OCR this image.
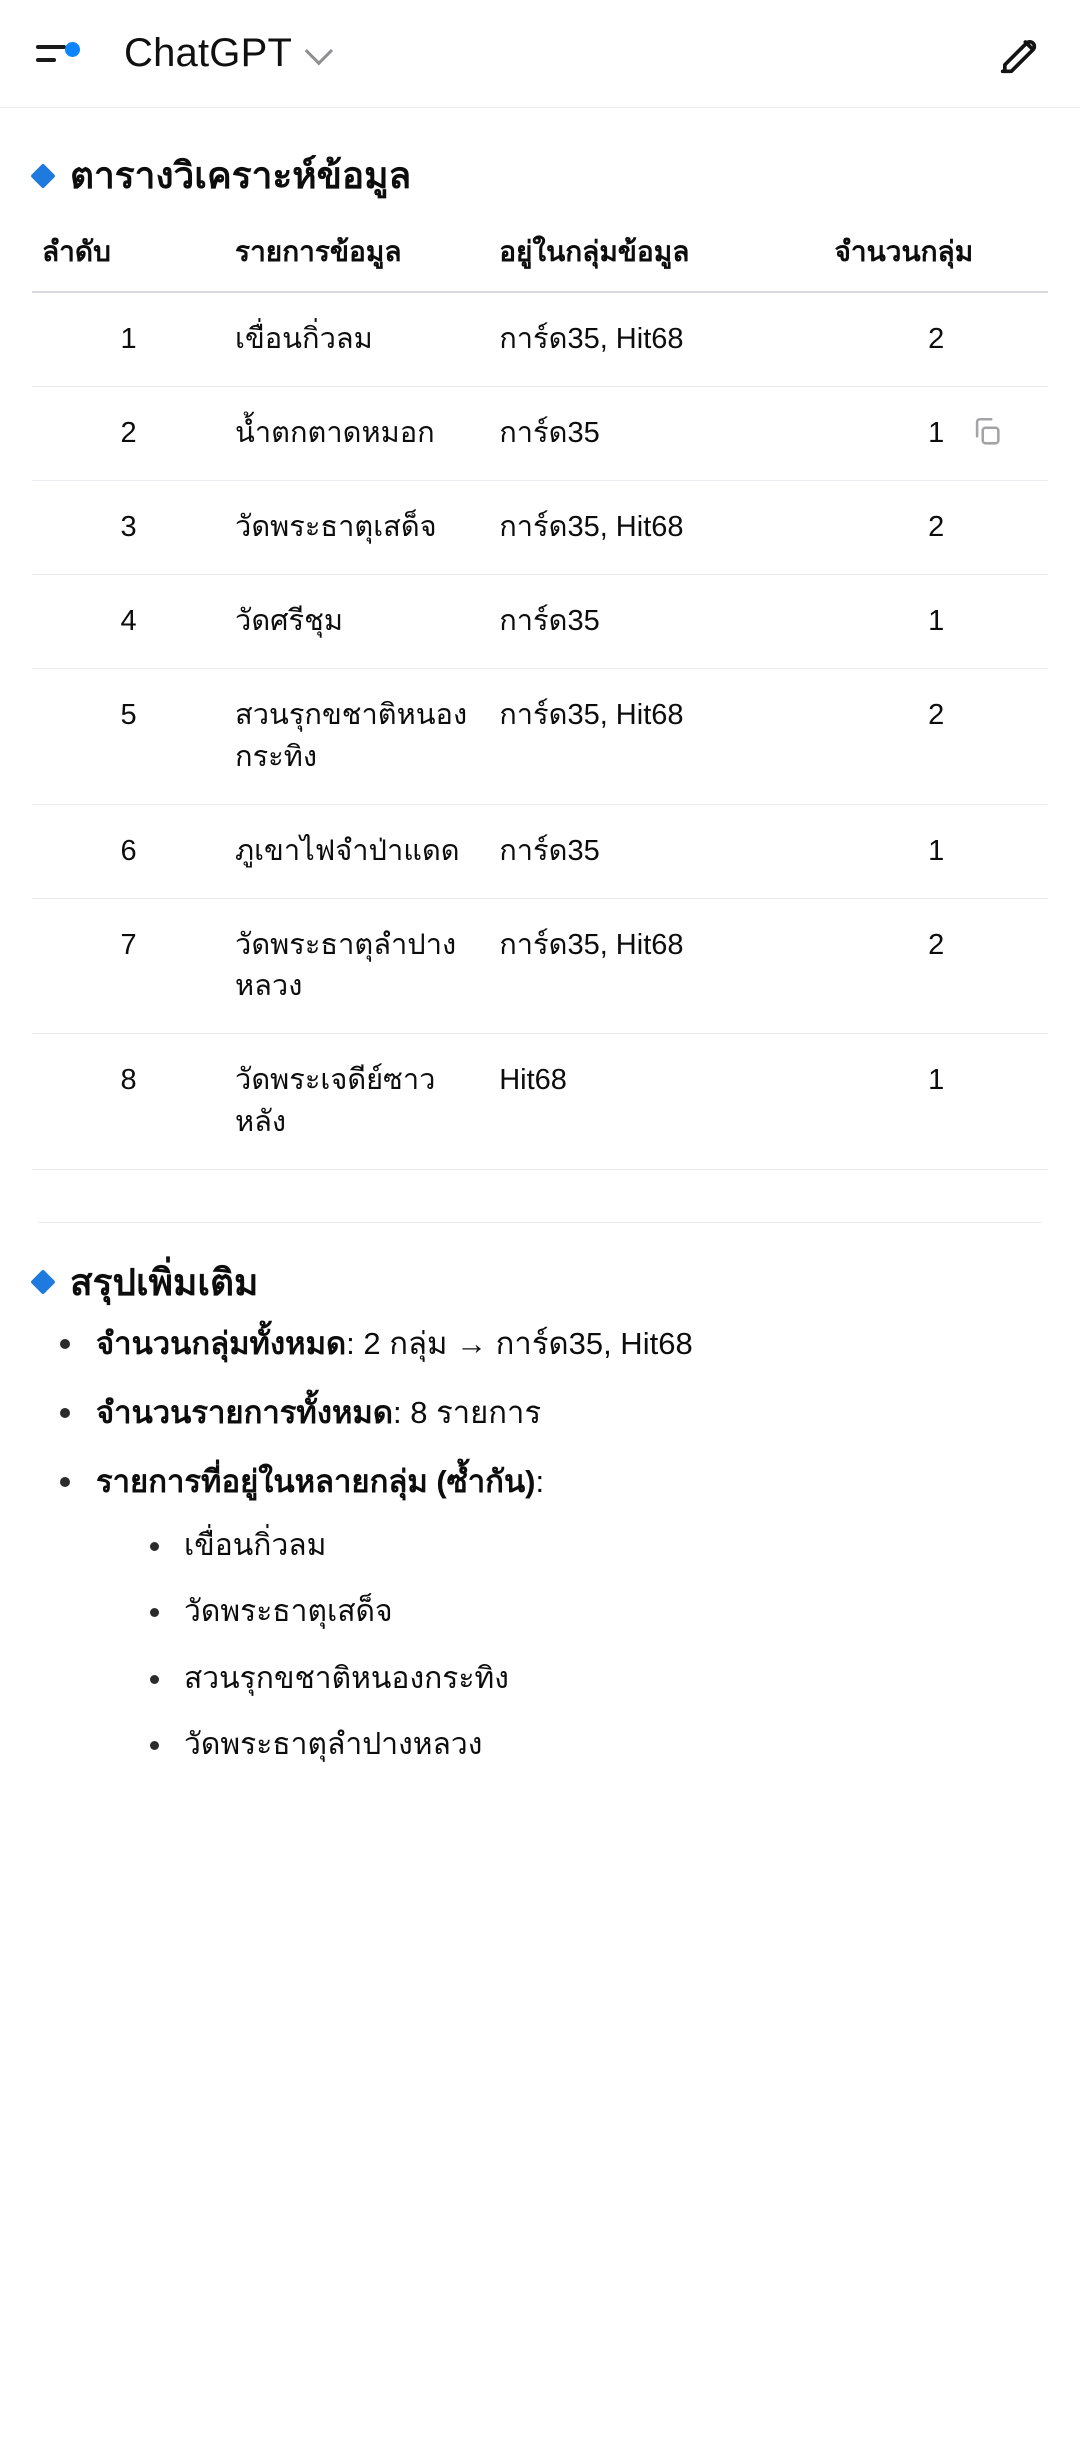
ChatGPT
ตารางวิเคราะห์ข้อมูล
ลำดับ	รายการข้อมูล	อยู่ในกลุ่มข้อมูล	จำนวนกลุ่ม
1	เขื่อนกิ่วลม	การ์ด35, Hit68	2
2	น้ำตกตาดหมอก	การ์ด35	1
3	วัดพระธาตุเสด็จ	การ์ด35, Hit68	2
4	วัดศรีชุม	การ์ด35	1
5	สวนรุกขชาติหนองกระทิง	การ์ด35, Hit68	2
6	ภูเขาไฟจำป่าแดด	การ์ด35	1
7	วัดพระธาตุลำปางหลวง	การ์ด35, Hit68	2
8	วัดพระเจดีย์ซาวหลัง	Hit68	1
สรุปเพิ่มเติม
จำนวนกลุ่มทั้งหมด: 2 กลุ่ม → การ์ด35, Hit68
จำนวนรายการทั้งหมด: 8 รายการ
รายการที่อยู่ในหลายกลุ่ม (ซ้ำกัน):
เขื่อนกิ่วลม
วัดพระธาตุเสด็จ
สวนรุกขชาติหนองกระทิง
วัดพระธาตุลำปางหลวง
